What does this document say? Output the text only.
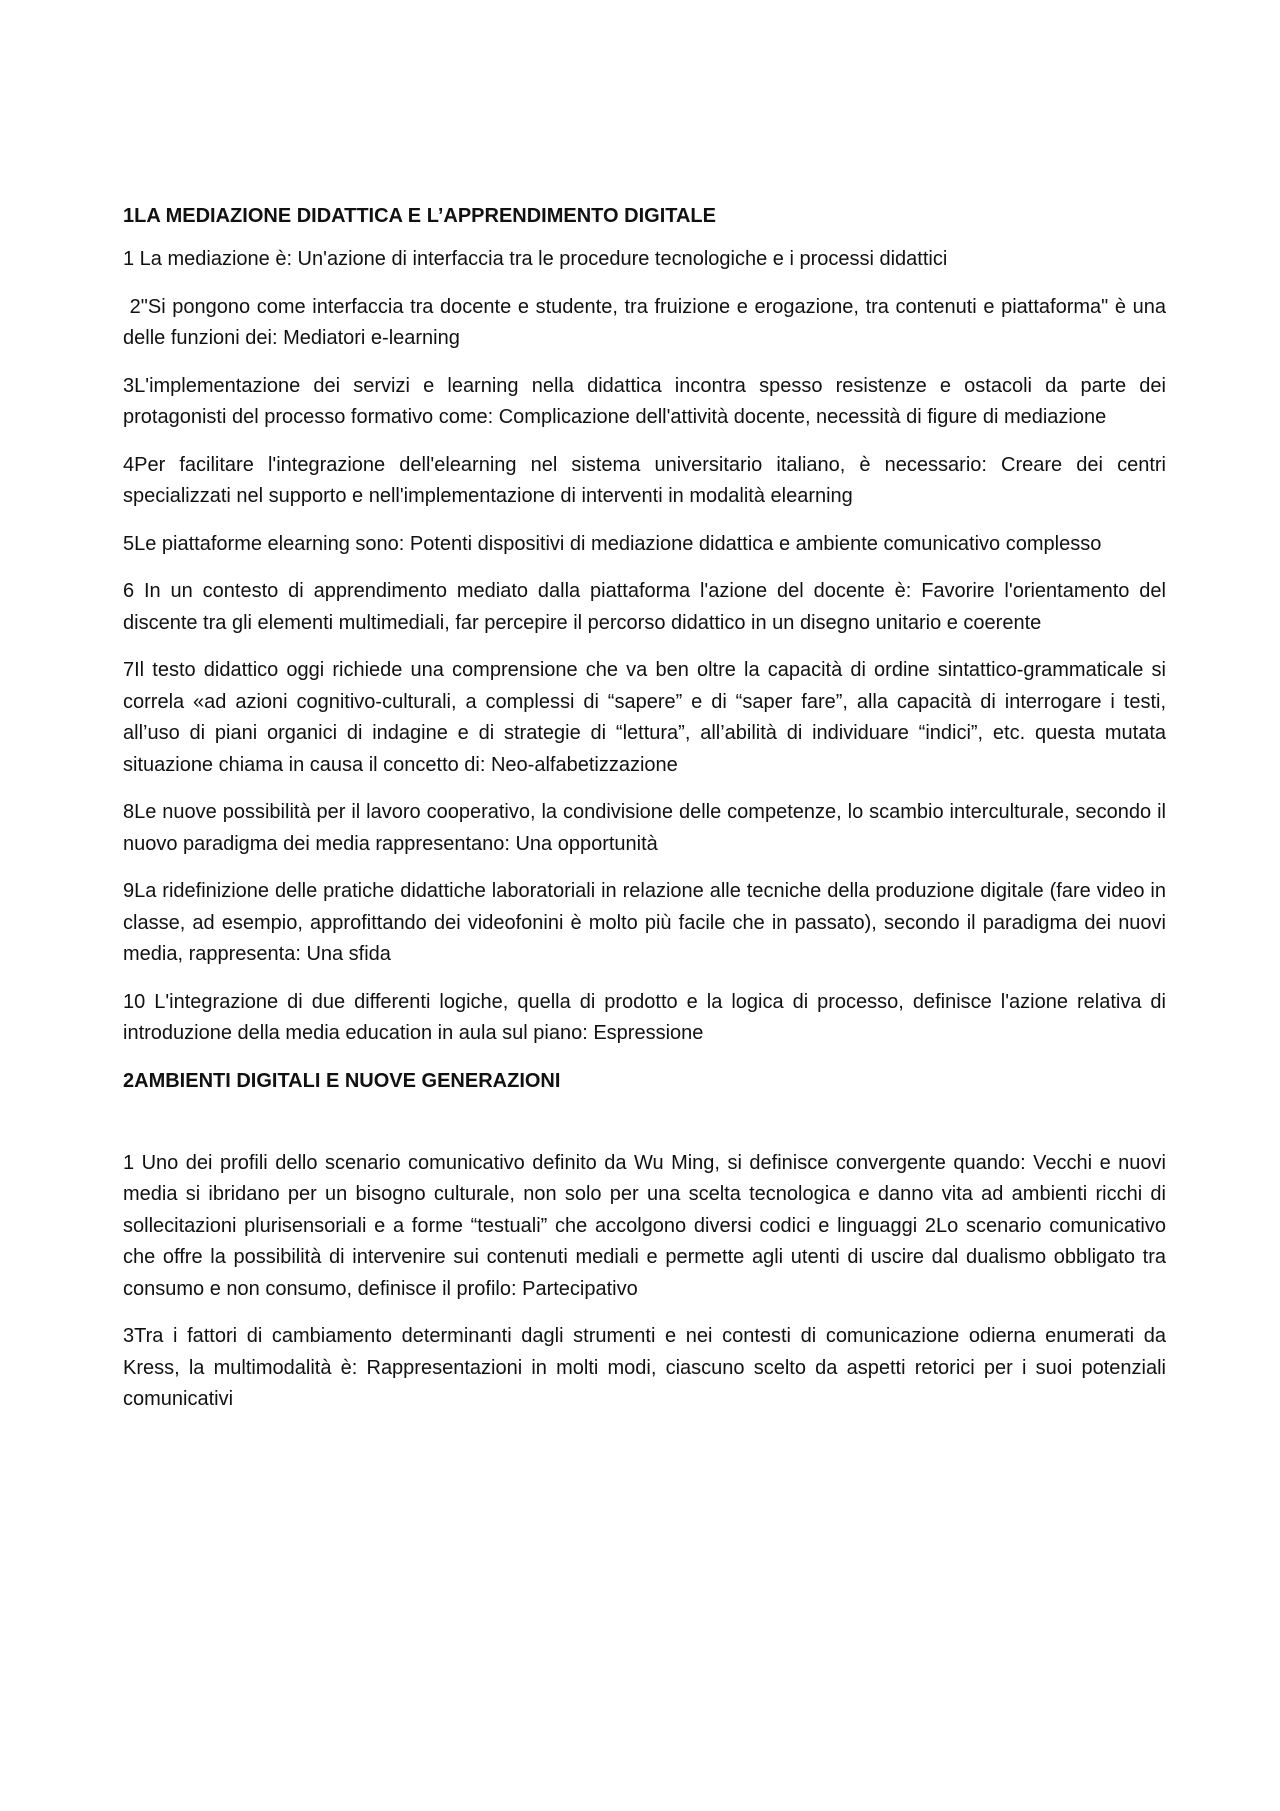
1LA MEDIAZIONE DIDATTICA E L’APPRENDIMENTO DIGITALE

1 La mediazione è: Un'azione di interfaccia tra le procedure tecnologiche e i processi didattici

2"Si pongono come interfaccia tra docente e studente, tra fruizione e erogazione, tra contenuti e piattaforma" è una delle funzioni dei: Mediatori e-learning

3L'implementazione dei servizi e learning nella didattica incontra spesso resistenze e ostacoli da parte dei protagonisti del processo formativo come: Complicazione dell'attività docente, necessità di figure di mediazione

4Per facilitare l'integrazione dell'elearning nel sistema universitario italiano, è necessario: Creare dei centri specializzati nel supporto e nell'implementazione di interventi in modalità elearning

5Le piattaforme elearning sono: Potenti dispositivi di mediazione didattica e ambiente comunicativo complesso

6 In un contesto di apprendimento mediato dalla piattaforma l'azione del docente è: Favorire l'orientamento del discente tra gli elementi multimediali, far percepire il percorso didattico in un disegno unitario e coerente

7Il testo didattico oggi richiede una comprensione che va ben oltre la capacità di ordine sintattico-grammaticale si correla «ad azioni cognitivo-culturali, a complessi di “sapere” e di “saper fare”, alla capacità di interrogare i testi, all’uso di piani organici di indagine e di strategie di “lettura”, all’abilità di individuare “indici”, etc. questa mutata situazione chiama in causa il concetto di: Neo-alfabetizzazione

8Le nuove possibilità per il lavoro cooperativo, la condivisione delle competenze, lo scambio interculturale, secondo il nuovo paradigma dei media rappresentano: Una opportunità

9La ridefinizione delle pratiche didattiche laboratoriali in relazione alle tecniche della produzione digitale (fare video in classe, ad esempio, approfittando dei videofonini è molto più facile che in passato), secondo il paradigma dei nuovi media, rappresenta: Una sfida

10 L'integrazione di due differenti logiche, quella di prodotto e la logica di processo, definisce l'azione relativa di introduzione della media education in aula sul piano: Espressione

2AMBIENTI DIGITALI E NUOVE GENERAZIONI

1 Uno dei profili dello scenario comunicativo definito da Wu Ming, si definisce convergente quando: Vecchi e nuovi media si ibridano per un bisogno culturale, non solo per una scelta tecnologica e danno vita ad ambienti ricchi di sollecitazioni plurisensoriali e a forme “testuali” che accolgono diversi codici e linguaggi 2Lo scenario comunicativo che offre la possibilità di intervenire sui contenuti mediali e permette agli utenti di uscire dal dualismo obbligato tra consumo e non consumo, definisce il profilo: Partecipativo

3Tra i fattori di cambiamento determinanti dagli strumenti e nei contesti di comunicazione odierna enumerati da Kress, la multimodalità è: Rappresentazioni in molti modi, ciascuno scelto da aspetti retorici per i suoi potenziali comunicativi
